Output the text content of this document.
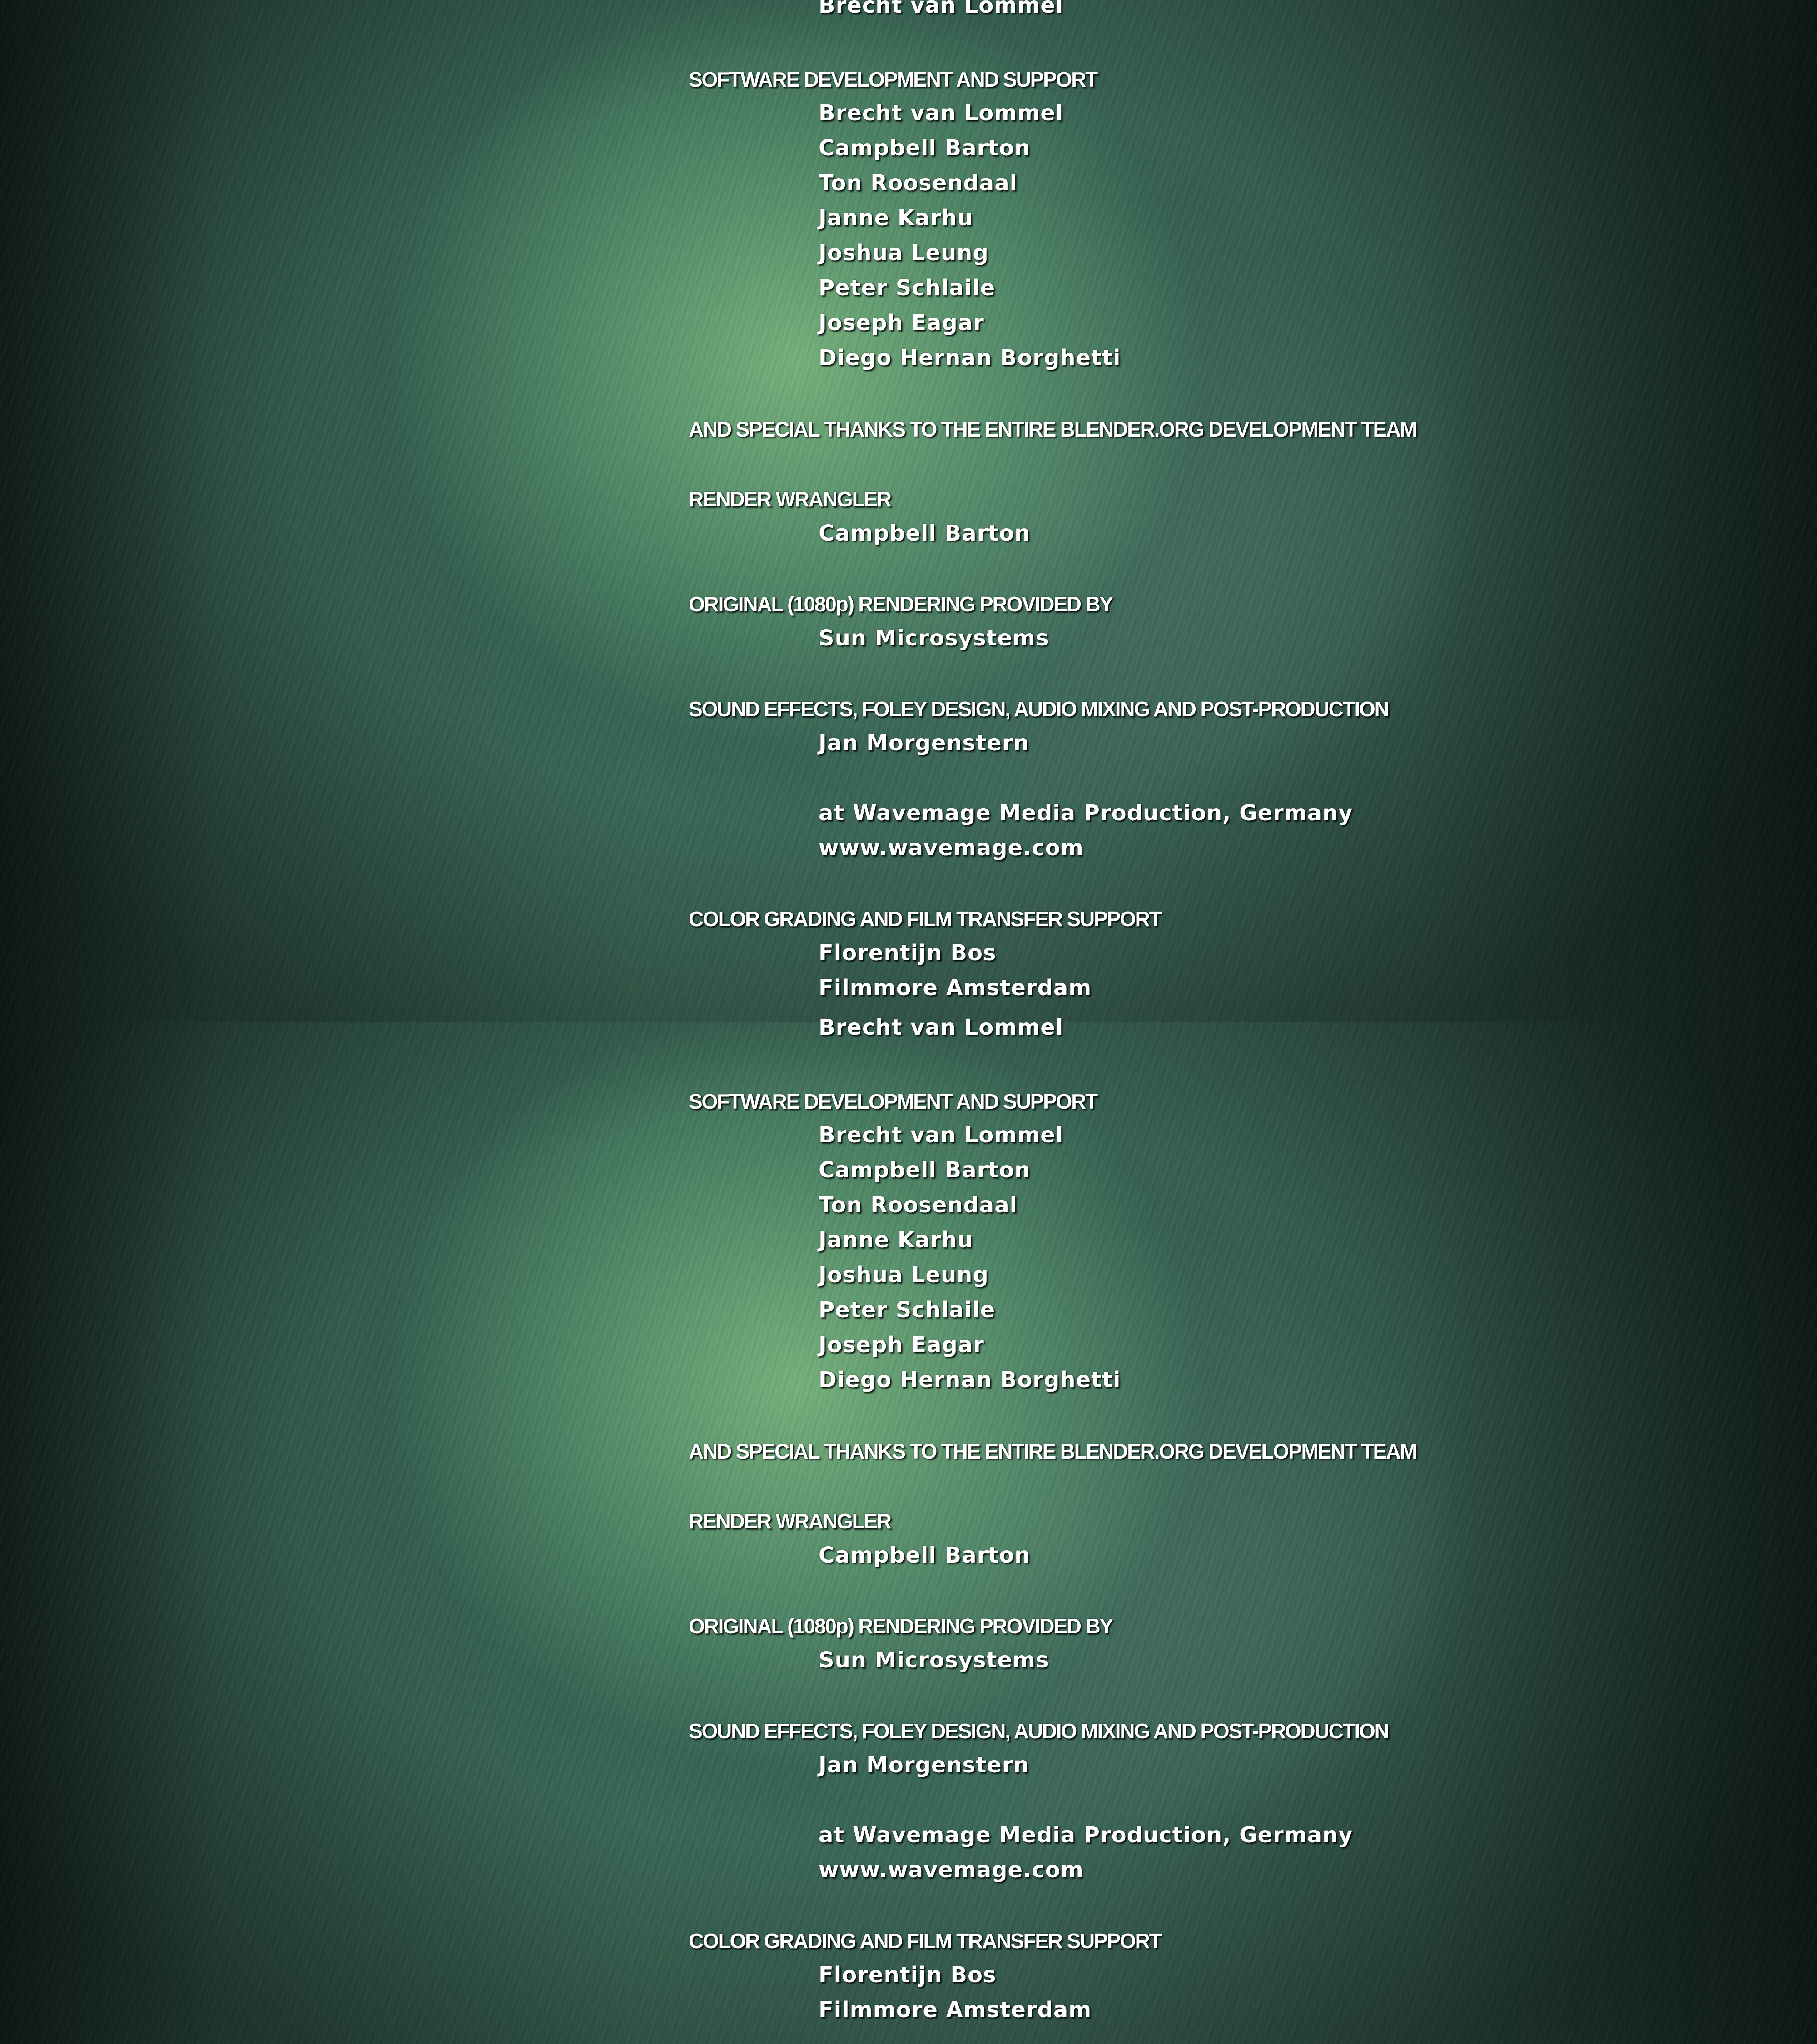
Brecht van Lommel
SOFTWARE DEVELOPMENT AND SUPPORT
Brecht van Lommel
Campbell Barton
Ton Roosendaal
Janne Karhu
Joshua Leung
Peter Schlaile
Joseph Eagar
Diego Hernan Borghetti
AND SPECIAL THANKS TO THE ENTIRE BLENDER.ORG DEVELOPMENT TEAM
RENDER WRANGLER
Campbell Barton
ORIGINAL (1080p) RENDERING PROVIDED BY
Sun Microsystems
SOUND EFFECTS, FOLEY DESIGN, AUDIO MIXING AND POST-PRODUCTION
Jan Morgenstern
at Wavemage Media Production, Germany
www.wavemage.com
COLOR GRADING AND FILM TRANSFER SUPPORT
Florentijn Bos
Filmmore Amsterdam
Brecht van Lommel
SOFTWARE DEVELOPMENT AND SUPPORT
Brecht van Lommel
Campbell Barton
Ton Roosendaal
Janne Karhu
Joshua Leung
Peter Schlaile
Joseph Eagar
Diego Hernan Borghetti
AND SPECIAL THANKS TO THE ENTIRE BLENDER.ORG DEVELOPMENT TEAM
RENDER WRANGLER
Campbell Barton
ORIGINAL (1080p) RENDERING PROVIDED BY
Sun Microsystems
SOUND EFFECTS, FOLEY DESIGN, AUDIO MIXING AND POST-PRODUCTION
Jan Morgenstern
at Wavemage Media Production, Germany
www.wavemage.com
COLOR GRADING AND FILM TRANSFER SUPPORT
Florentijn Bos
Filmmore Amsterdam
